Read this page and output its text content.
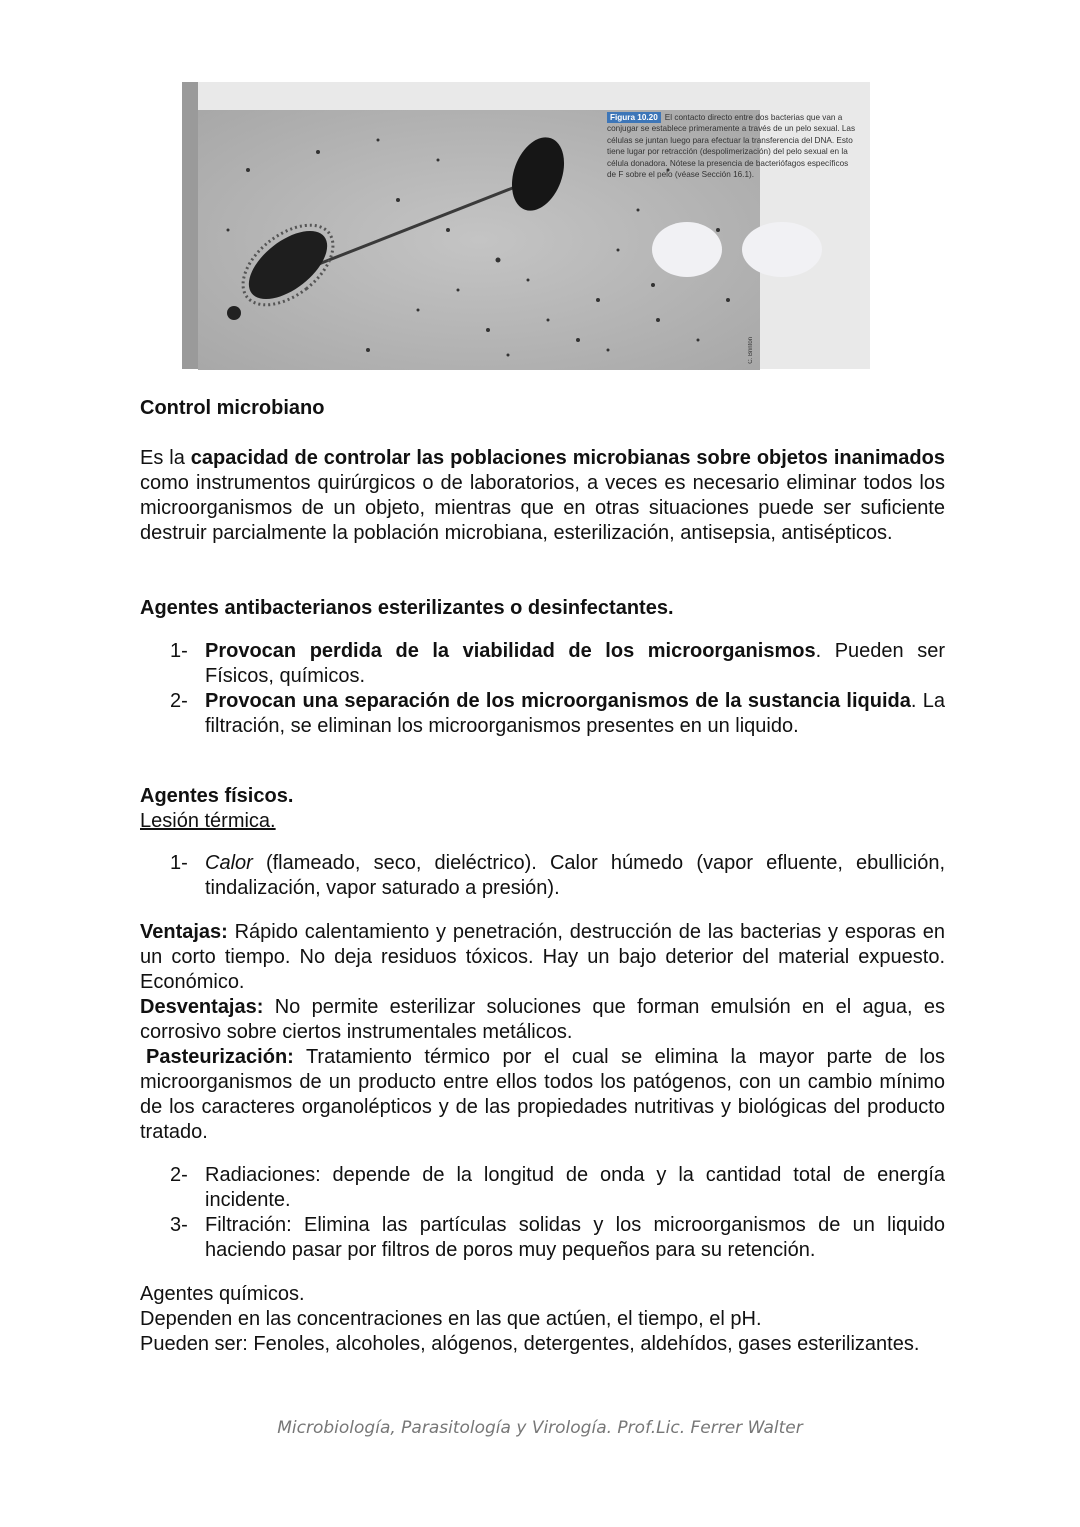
C. Brinton
Figura 10.20 El contacto directo entre dos bacterias que van a conjugar se establece primeramente a través de un pelo sexual. Las células se juntan luego para efectuar la transferencia del DNA. Esto tiene lugar por retracción (despolimerización) del pelo sexual en la célula donadora. Nótese la presencia de bacteriófagos específicos de F sobre el pelo (véase Sección 16.1).
Control microbiano
Es la capacidad de controlar las poblaciones microbianas sobre objetos inanimados como instrumentos quirúrgicos o de laboratorios, a veces es necesario eliminar todos los microorganismos de un objeto, mientras que en otras situaciones puede ser suficiente destruir parcialmente la población microbiana, esterilización, antisepsia, antisépticos.
Agentes antibacterianos esterilizantes o desinfectantes.
1- Provocan perdida de la viabilidad de los microorganismos. Pueden ser Físicos, químicos.
2- Provocan una separación de los microorganismos de la sustancia liquida. La filtración, se eliminan los microorganismos presentes en un liquido.
Agentes físicos.
Lesión térmica.
1- Calor (flameado, seco, dieléctrico). Calor húmedo (vapor efluente, ebullición, tindalización, vapor saturado a presión).
Ventajas: Rápido calentamiento y penetración, destrucción de las bacterias y esporas en un corto tiempo. No deja residuos tóxicos. Hay un bajo deterior del material expuesto. Económico.
Desventajas: No permite esterilizar soluciones que forman emulsión en el agua, es corrosivo sobre ciertos instrumentales metálicos.
Pasteurización: Tratamiento térmico por el cual se elimina la mayor parte de los microorganismos de un producto entre ellos todos los patógenos, con un cambio mínimo de los caracteres organolépticos y de las propiedades nutritivas y biológicas del producto tratado.
2- Radiaciones: depende de la longitud de onda y la cantidad total de energía incidente.
3- Filtración: Elimina las partículas solidas y los microorganismos de un liquido haciendo pasar por filtros de poros muy pequeños para su retención.
Agentes químicos.
Dependen en las concentraciones en las que actúen, el tiempo, el pH.
Pueden ser: Fenoles, alcoholes, alógenos, detergentes, aldehídos, gases esterilizantes.
Microbiología, Parasitología y Virología. Prof.Lic. Ferrer Walter
